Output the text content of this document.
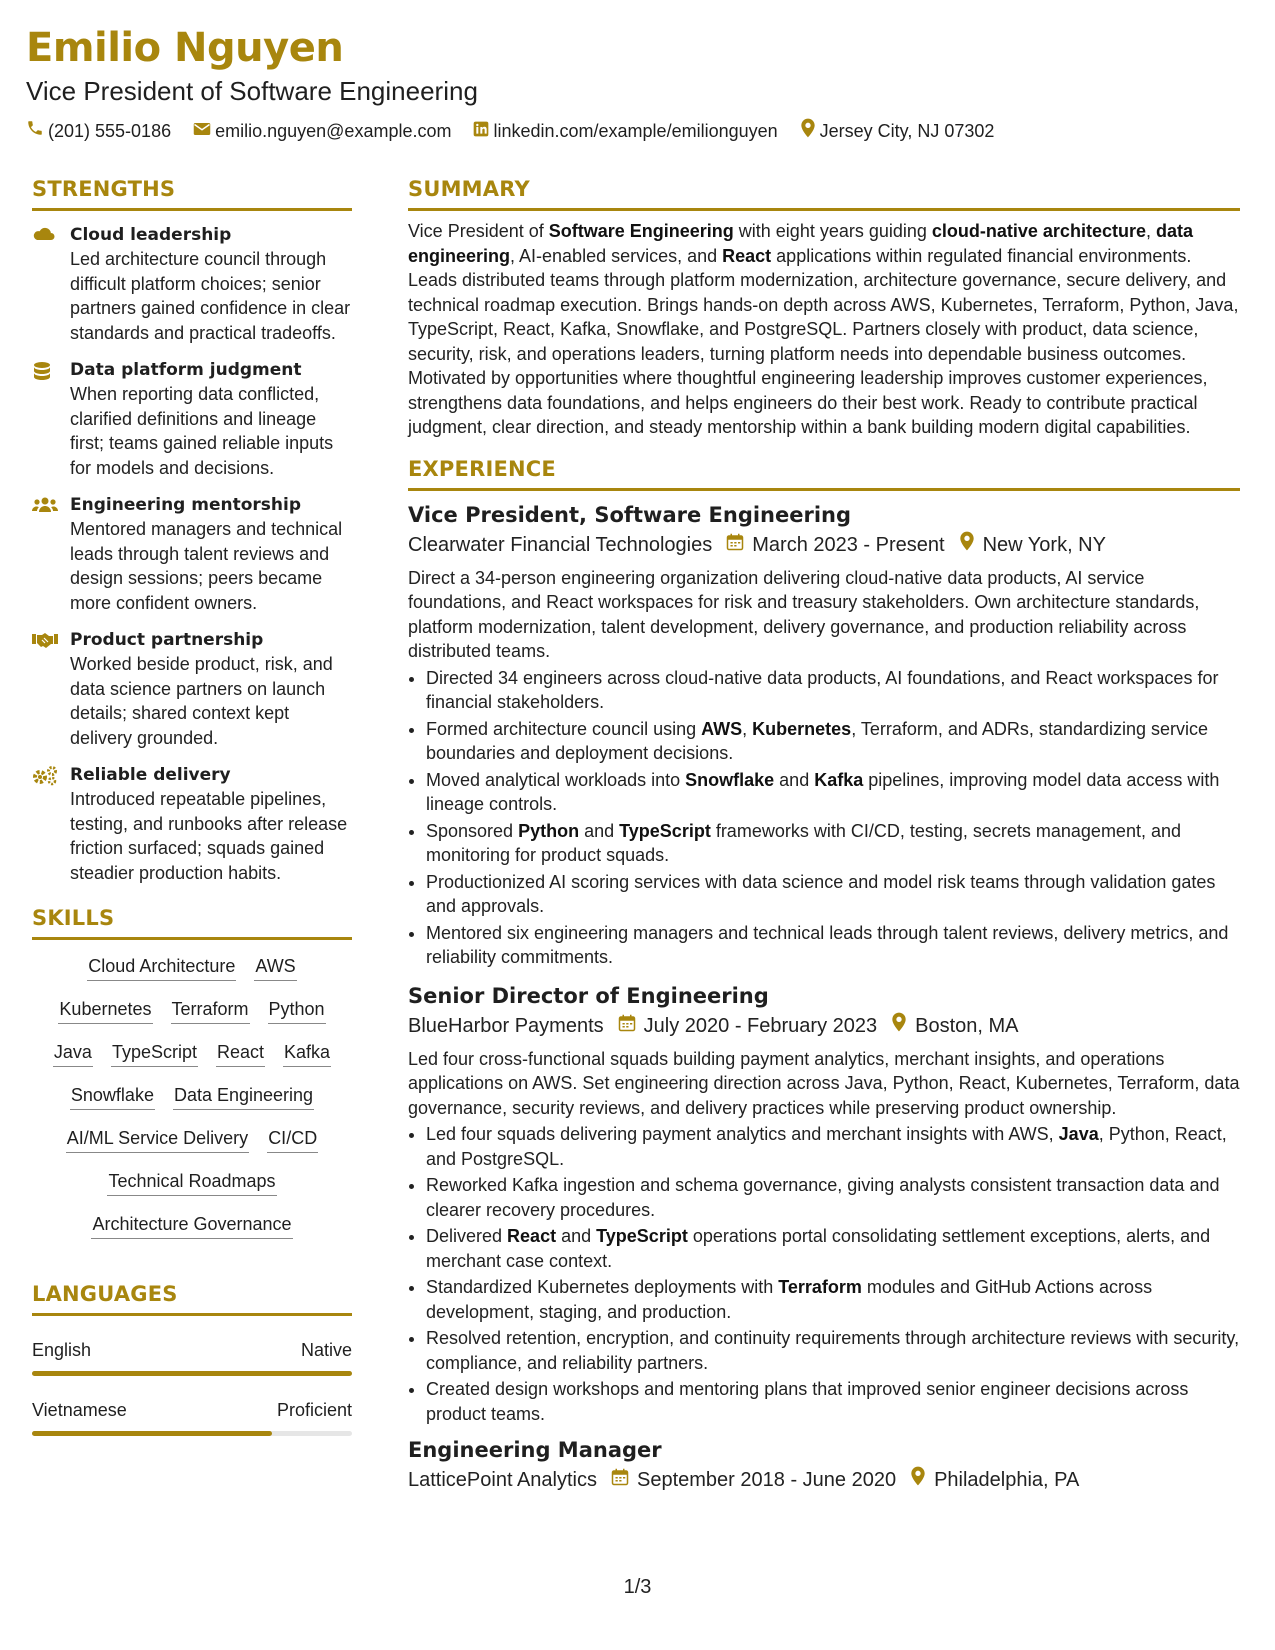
Emilio Nguyen
Vice President of Software Engineering
(201) 555-0186 emilio.nguyen@example.com linkedin.com/example/emilionguyen Jersey City, NJ 07302
STRENGTHS
Cloud leadership
Led architecture council through difficult platform choices; senior partners gained confidence in clear standards and practical tradeoffs.
Data platform judgment
When reporting data conflicted, clarified definitions and lineage first; teams gained reliable inputs for models and decisions.
Engineering mentorship
Mentored managers and technical leads through talent reviews and design sessions; peers became more confident owners.
Product partnership
Worked beside product, risk, and data science partners on launch details; shared context kept delivery grounded.
Reliable delivery
Introduced repeatable pipelines, testing, and runbooks after release friction surfaced; squads gained steadier production habits.
SKILLS
Cloud Architecture AWS
Kubernetes Terraform Python
Java TypeScript React Kafka
Snowflake Data Engineering
AI/ML Service Delivery CI/CD
Technical Roadmaps
Architecture Governance
LANGUAGES
English	Native
Vietnamese	Proficient
SUMMARY
Vice President of Software Engineering with eight years guiding cloud-native architecture, data engineering, AI-enabled services, and React applications within regulated financial environments. Leads distributed teams through platform modernization, architecture governance, secure delivery, and technical roadmap execution. Brings hands-on depth across AWS, Kubernetes, Terraform, Python, Java, TypeScript, React, Kafka, Snowflake, and PostgreSQL. Partners closely with product, data science, security, risk, and operations leaders, turning platform needs into dependable business outcomes. Motivated by opportunities where thoughtful engineering leadership improves customer experiences, strengthens data foundations, and helps engineers do their best work. Ready to contribute practical judgment, clear direction, and steady mentorship within a bank building modern digital capabilities.
EXPERIENCE
Vice President, Software Engineering
Clearwater Financial Technologies March 2023 - Present New York, NY
Direct a 34-person engineering organization delivering cloud-native data products, AI service foundations, and React workspaces for risk and treasury stakeholders. Own architecture standards, platform modernization, talent development, delivery governance, and production reliability across distributed teams.
• Directed 34 engineers across cloud-native data products, AI foundations, and React workspaces for financial stakeholders.
• Formed architecture council using AWS, Kubernetes, Terraform, and ADRs, standardizing service boundaries and deployment decisions.
• Moved analytical workloads into Snowflake and Kafka pipelines, improving model data access with lineage controls.
• Sponsored Python and TypeScript frameworks with CI/CD, testing, secrets management, and monitoring for product squads.
• Productionized AI scoring services with data science and model risk teams through validation gates and approvals.
• Mentored six engineering managers and technical leads through talent reviews, delivery metrics, and reliability commitments.
Senior Director of Engineering
BlueHarbor Payments July 2020 - February 2023 Boston, MA
Led four cross-functional squads building payment analytics, merchant insights, and operations applications on AWS. Set engineering direction across Java, Python, React, Kubernetes, Terraform, data governance, security reviews, and delivery practices while preserving product ownership.
• Led four squads delivering payment analytics and merchant insights with AWS, Java, Python, React, and PostgreSQL.
• Reworked Kafka ingestion and schema governance, giving analysts consistent transaction data and clearer recovery procedures.
• Delivered React and TypeScript operations portal consolidating settlement exceptions, alerts, and merchant case context.
• Standardized Kubernetes deployments with Terraform modules and GitHub Actions across development, staging, and production.
• Resolved retention, encryption, and continuity requirements through architecture reviews with security, compliance, and reliability partners.
• Created design workshops and mentoring plans that improved senior engineer decisions across product teams.
Engineering Manager
LatticePoint Analytics September 2018 - June 2020 Philadelphia, PA
1/3
